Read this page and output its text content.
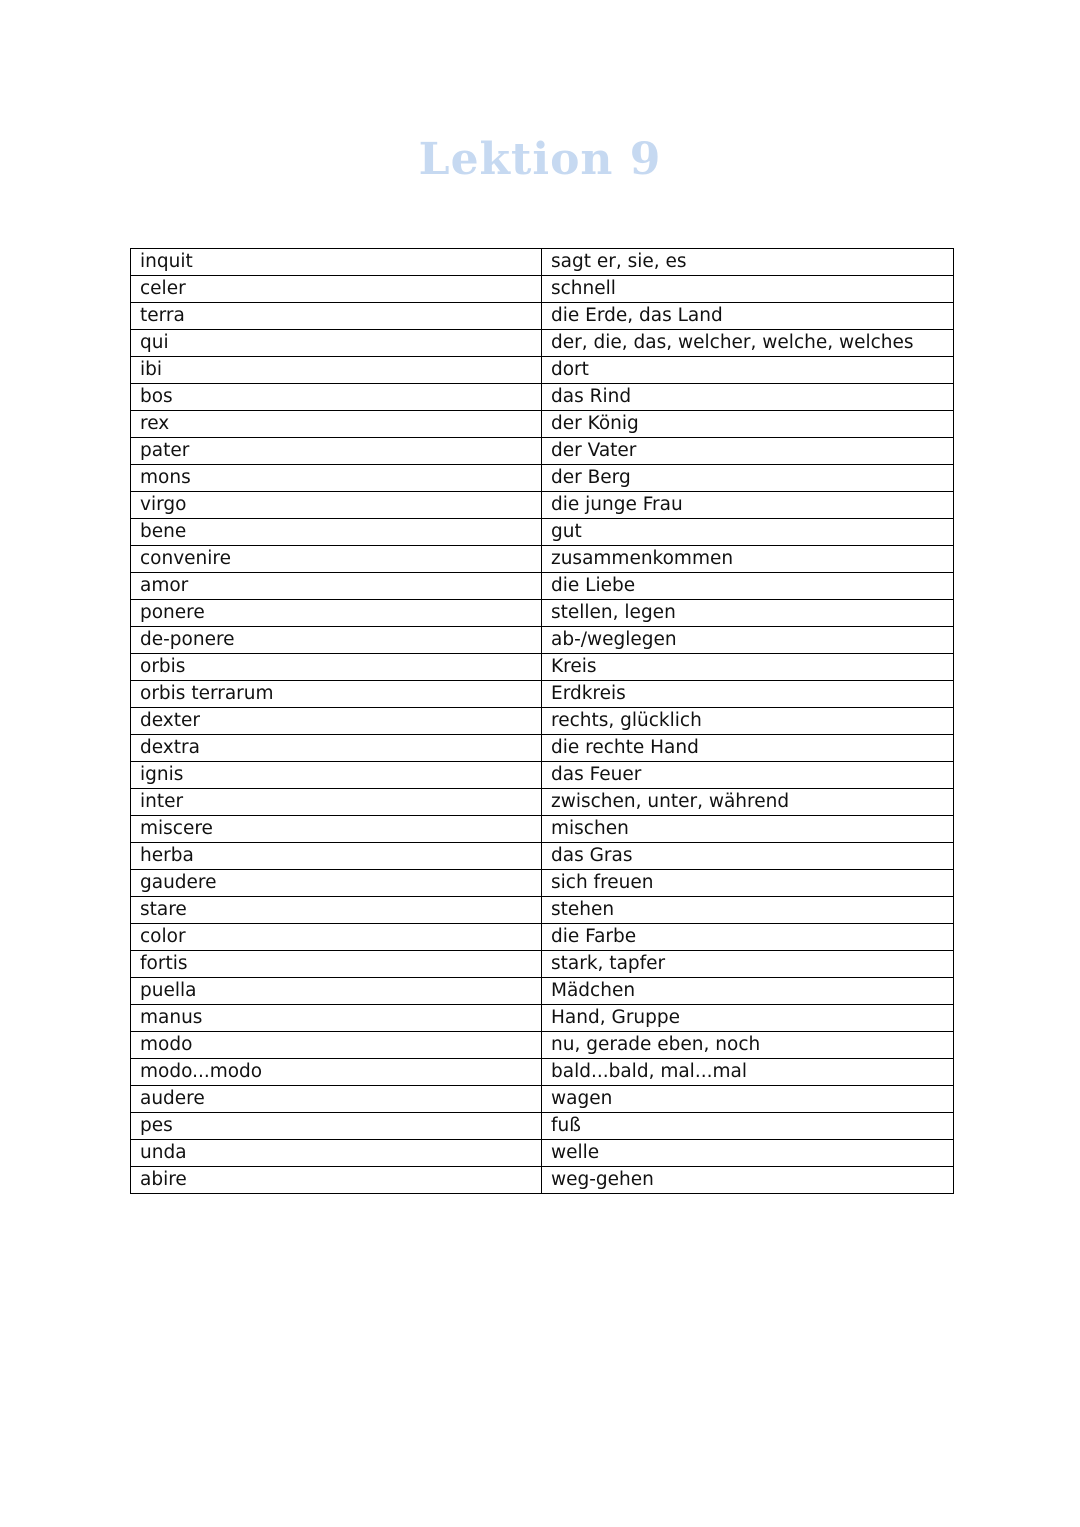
Lektion 9
inquit	sagt er, sie, es
celer	schnell
terra	die Erde, das Land
qui	der, die, das, welcher, welche, welches
ibi	dort
bos	das Rind
rex	der König
pater	der Vater
mons	der Berg
virgo	die junge Frau
bene	gut
convenire	zusammenkommen
amor	die Liebe
ponere	stellen, legen
de-ponere	ab-/weglegen
orbis	Kreis
orbis terrarum	Erdkreis
dexter	rechts, glücklich
dextra	die rechte Hand
ignis	das Feuer
inter	zwischen, unter, während
miscere	mischen
herba	das Gras
gaudere	sich freuen
stare	stehen
color	die Farbe
fortis	stark, tapfer
puella	Mädchen
manus	Hand, Gruppe
modo	nu, gerade eben, noch
modo...modo	bald...bald, mal...mal
audere	wagen
pes	fuß
unda	welle
abire	weg-gehen
